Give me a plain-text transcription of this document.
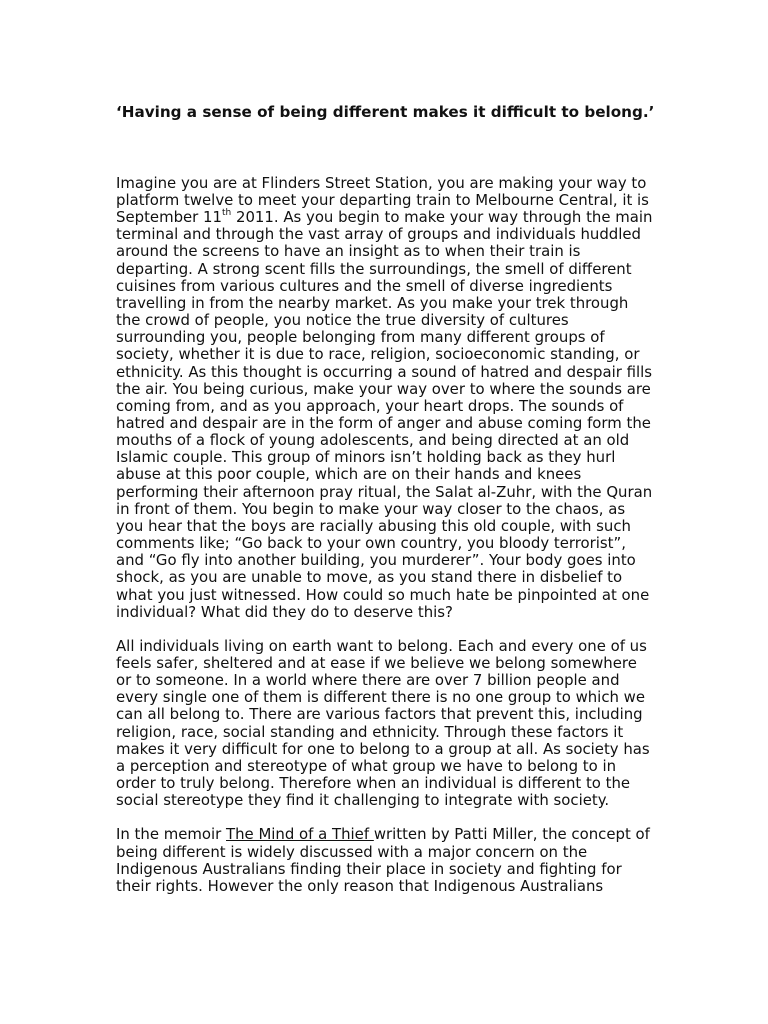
‘Having a sense of being different makes it difficult to belong.’

Imagine you are at Flinders Street Station, you are making your way to platform twelve to meet your departing train to Melbourne Central, it is September 11th 2011. As you begin to make your way through the main terminal and through the vast array of groups and individuals huddled around the screens to have an insight as to when their train is departing. A strong scent fills the surroundings, the smell of different cuisines from various cultures and the smell of diverse ingredients travelling in from the nearby market. As you make your trek through the crowd of people, you notice the true diversity of cultures surrounding you, people belonging from many different groups of society, whether it is due to race, religion, socioeconomic standing, or ethnicity. As this thought is occurring a sound of hatred and despair fills the air. You being curious, make your way over to where the sounds are coming from, and as you approach, your heart drops. The sounds of hatred and despair are in the form of anger and abuse coming form the mouths of a flock of young adolescents, and being directed at an old Islamic couple. This group of minors isn’t holding back as they hurl abuse at this poor couple, which are on their hands and knees performing their afternoon pray ritual, the Salat al-Zuhr, with the Quran in front of them. You begin to make your way closer to the chaos, as you hear that the boys are racially abusing this old couple, with such comments like; “Go back to your own country, you bloody terrorist”, and “Go fly into another building, you murderer”. Your body goes into shock, as you are unable to move, as you stand there in disbelief to what you just witnessed. How could so much hate be pinpointed at one individual? What did they do to deserve this?

All individuals living on earth want to belong. Each and every one of us feels safer, sheltered and at ease if we believe we belong somewhere or to someone. In a world where there are over 7 billion people and every single one of them is different there is no one group to which we can all belong to. There are various factors that prevent this, including religion, race, social standing and ethnicity. Through these factors it makes it very difficult for one to belong to a group at all. As society has a perception and stereotype of what group we have to belong to in order to truly belong. Therefore when an individual is different to the social stereotype they find it challenging to integrate with society.

In the memoir The Mind of a Thief written by Patti Miller, the concept of being different is widely discussed with a major concern on the Indigenous Australians finding their place in society and fighting for their rights. However the only reason that Indigenous Australians
